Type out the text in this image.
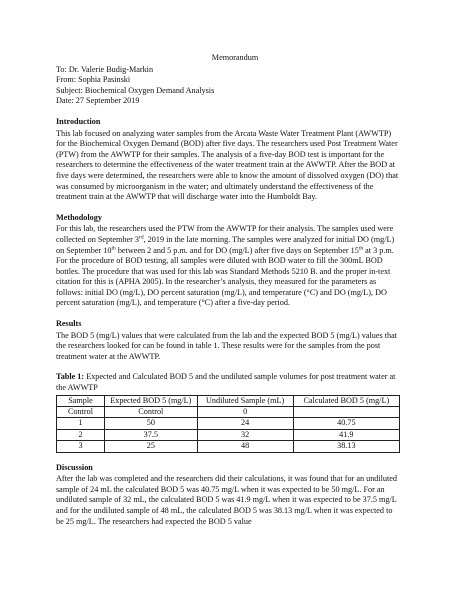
Memorandum
To: Dr. Valerie Budig-Markin
From: Sophia Pasinski
Subject: Biochemical Oxygen Demand Analysis
Date: 27 September 2019
Introduction

This lab focused on analyzing water samples from the Arcata Waste Water Treatment Plant (AWWTP) for the Biochemical Oxygen Demand (BOD) after five days. The researchers used Post Treatment Water (PTW) from the AWWTP for their samples. The analysis of a five-day BOD test is important for the researchers to determine the effectiveness of the water treatment train at the AWWTP. After the BOD at five days were determined, the researchers were able to know the amount of dissolved oxygen (DO) that was consumed by microorganism in the water; and ultimately understand the effectiveness of the treatment train at the AWWTP that will discharge water into the Humboldt Bay.

Methodology

For this lab, the researchers used the PTW from the AWWTP for their analysis. The samples used were collected on September 3rd, 2019 in the late morning. The samples were analyzed for initial DO (mg/L) on September 10th between 2 and 5 p.m. and for DO (mg/L) after five days on September 15th at 3 p.m. For the procedure of BOD testing, all samples were diluted with BOD water to fill the 300mL BOD bottles. The procedure that was used for this lab was Standard Methods 5210 B. and the proper in-text citation for this is (APHA 2005). In the researcher’s analysis, they measured for the parameters as follows: initial DO (mg/L), DO percent saturation (mg/L), and temperature (°C) and DO (mg/L), DO percent saturation (mg/L), and temperature (°C) after a five-day period.

Results

The BOD 5 (mg/L) values that were calculated from the lab and the expected BOD 5 (mg/L) values that the researchers looked for can be found in table 1. These results were for the samples from the post treatment water at the AWWTP.

Table 1: Expected and Calculated BOD 5 and the undiluted sample volumes for post treatment water at the AWWTP
Sample	Expected BOD 5 (mg/L)	Undiluted Sample (mL)	Calculated BOD 5 (mg/L)
Control	Control	0	
1	50	24	40.75
2	37.5	32	41.9
3	25	48	38.13
Discussion

After the lab was completed and the researchers did their calculations, it was found that for an undiluted sample of 24 mL the calculated BOD 5 was 40.75 mg/L when it was expected to be 50 mg/L. For an undiluted sample of 32 mL, the calculated BOD 5 was 41.9 mg/L when it was expected to be 37.5 mg/L and for the undiluted sample of 48 mL, the calculated BOD 5 was 38.13 mg/L when it was expected to be 25 mg/L. The researchers had expected the BOD 5 value
